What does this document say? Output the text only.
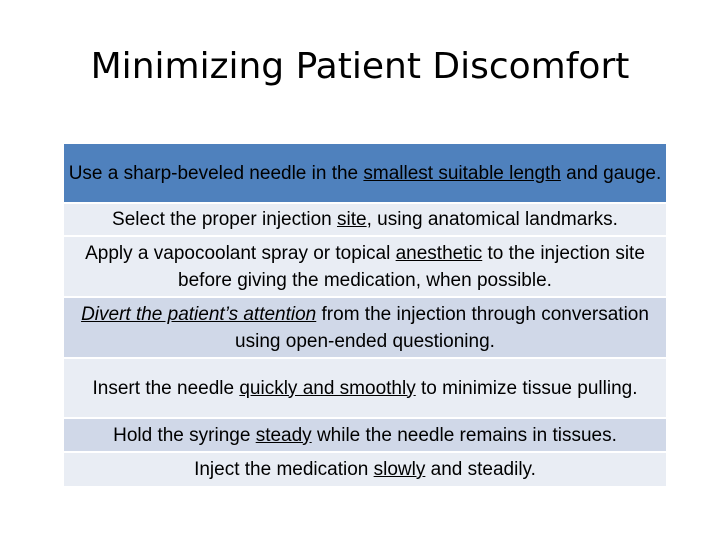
Minimizing Patient Discomfort
Use a sharp-beveled needle in the smallest suitable length and gauge.
Select the proper injection site, using anatomical landmarks.
Apply a vapocoolant spray or topical anesthetic to the injection site before giving the medication, when possible.
Divert the patient’s attention from the injection through conversation using open-ended questioning.
Insert the needle quickly and smoothly to minimize tissue pulling.
Hold the syringe steady while the needle remains in tissues.
Inject the medication slowly and steadily.
